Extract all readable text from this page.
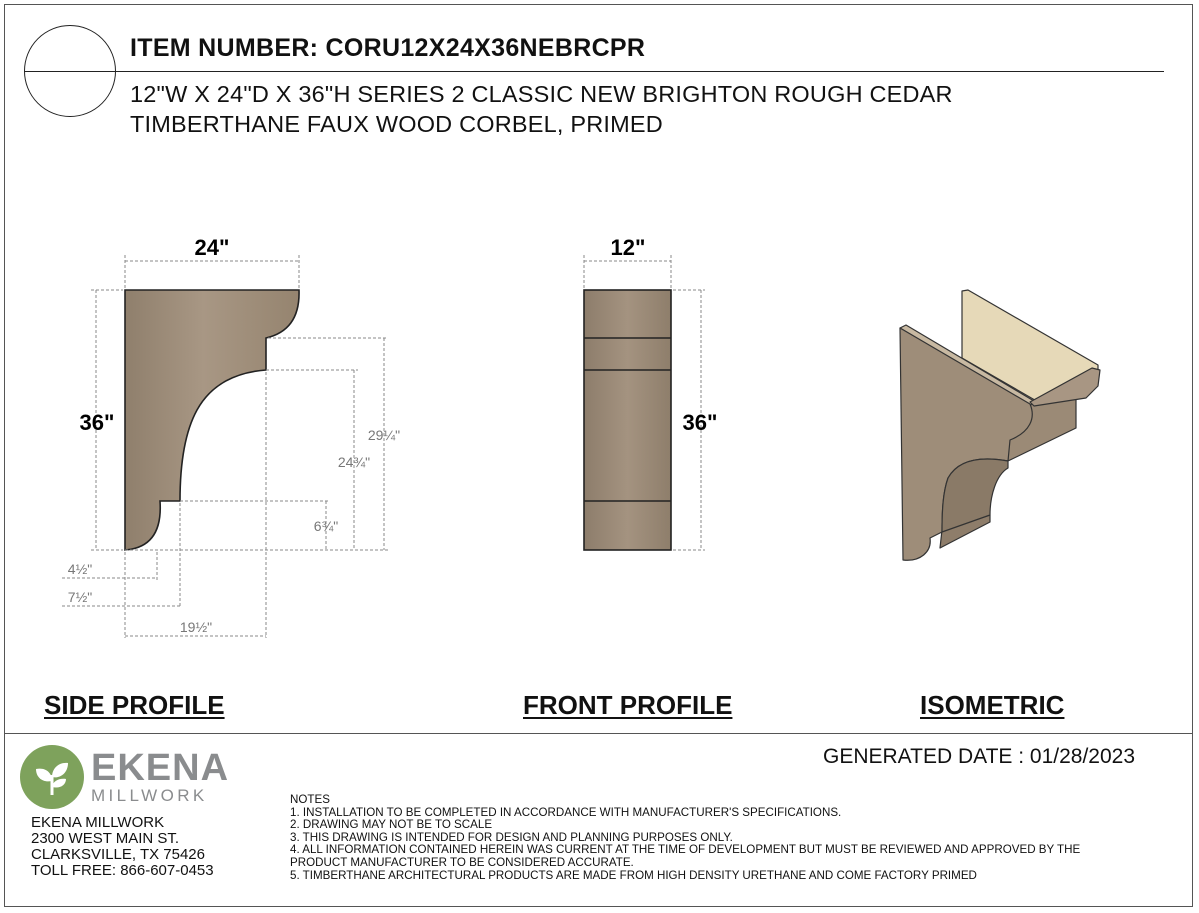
ITEM NUMBER: CORU12X24X36NEBRCPR
12"W X 24"D X 36"H SERIES 2 CLASSIC NEW BRIGHTON ROUGH CEDAR
TIMBERTHANE FAUX WOOD CORBEL, PRIMED
24"
36"	29¼"
24¾"
6¾"
4½"
7½"
19½"
12"
36"
SIDE PROFILE	FRONT PROFILE	ISOMETRIC
GENERATED DATE : 01/28/2023
EKENA
MILLWORK
EKENA MILLWORK
2300 WEST MAIN ST.
CLARKSVILLE, TX 75426
TOLL FREE: 866-607-0453
NOTES
1. INSTALLATION TO BE COMPLETED IN ACCORDANCE WITH MANUFACTURER'S SPECIFICATIONS.
2. DRAWING MAY NOT BE TO SCALE
3. THIS DRAWING IS INTENDED FOR DESIGN AND PLANNING PURPOSES ONLY.
4. ALL INFORMATION CONTAINED HEREIN WAS CURRENT AT THE TIME OF DEVELOPMENT BUT MUST BE REVIEWED AND APPROVED BY THE
PRODUCT MANUFACTURER TO BE CONSIDERED ACCURATE.
5. TIMBERTHANE ARCHITECTURAL PRODUCTS ARE MADE FROM HIGH DENSITY URETHANE AND COME FACTORY PRIMED
